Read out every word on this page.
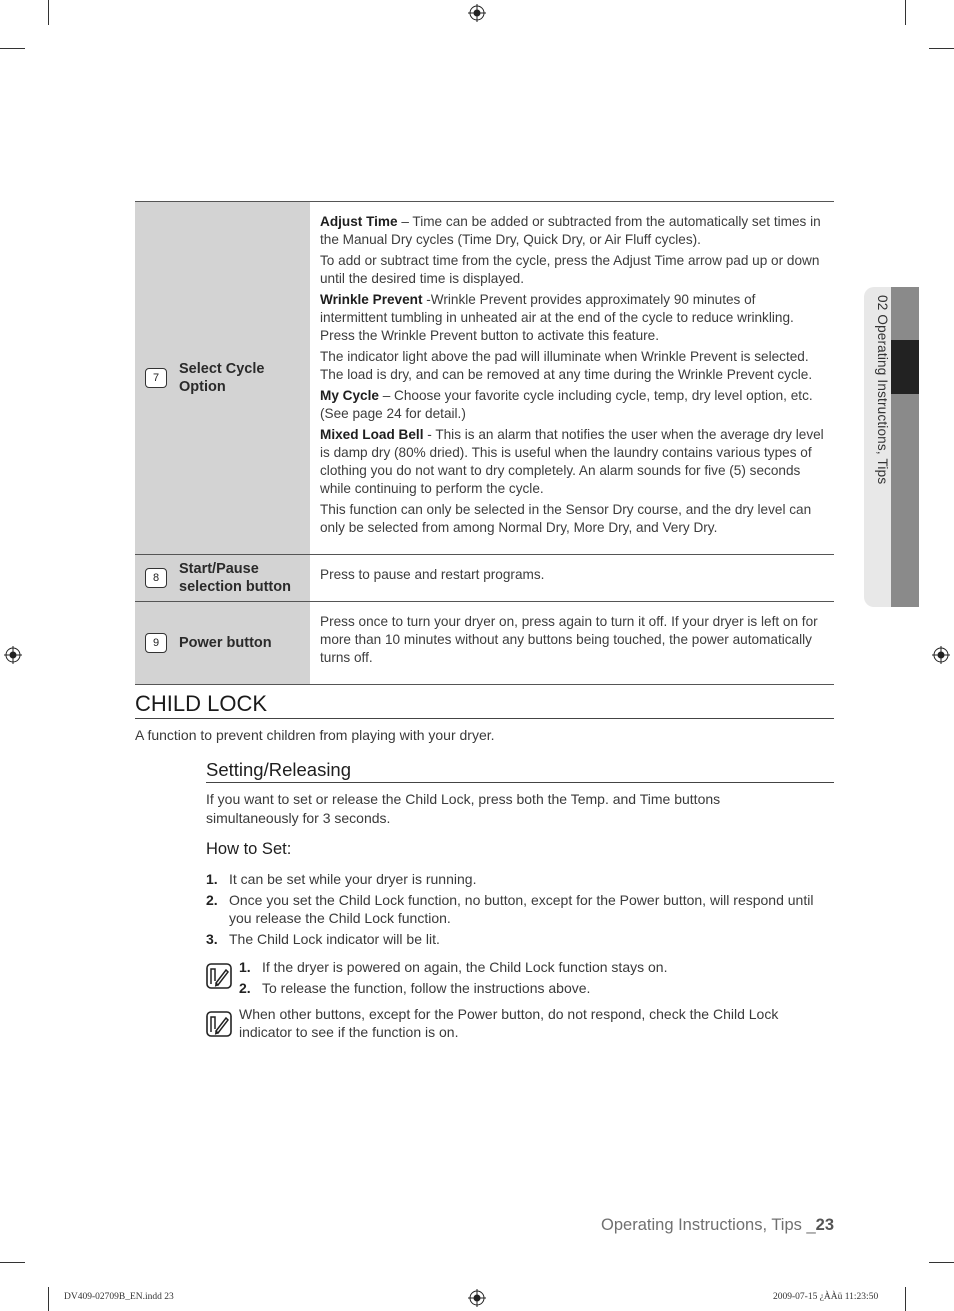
02 Operating Instructions, Tips
7
Select Cycle
Option

Adjust Time – Time can be added or subtracted from the automatically set times in the Manual Dry cycles (Time Dry, Quick Dry, or Air Fluff cycles).

To add or subtract time from the cycle, press the Adjust Time arrow pad up or down until the desired time is displayed.

Wrinkle Prevent -Wrinkle Prevent provides approximately 90 minutes of intermittent tumbling in unheated air at the end of the cycle to reduce wrinkling. Press the Wrinkle Prevent button to activate this feature.

The indicator light above the pad will illuminate when Wrinkle Prevent is selected. The load is dry, and can be removed at any time during the Wrinkle Prevent cycle.

My Cycle – Choose your favorite cycle including cycle, temp, dry level option, etc. (See page 24 for detail.)

Mixed Load Bell - This is an alarm that notifies the user when the average dry level is damp dry (80% dried). This is useful when the laundry contains various types of clothing you do not want to dry completely. An alarm sounds for five (5) seconds while continuing to perform the cycle.

This function can only be selected in the Sensor Dry course, and the dry level can only be selected from among Normal Dry, More Dry, and Very Dry.

8
Start/Pause
selection button

Press to pause and restart programs.

9	Power button

Press once to turn your dryer on, press again to turn it off. If your dryer is left on for more than 10 minutes without any buttons being touched, the power automatically turns off.

CHILD LOCK
A function to prevent children from playing with your dryer.
Setting/Releasing
If you want to set or release the Child Lock, press both the Temp. and Time buttons simultaneously for 3 seconds.
How to Set:
1. It can be set while your dryer is running.
2. Once you set the Child Lock function, no button, except for the Power button, will respond until you release the Child Lock function.
3. The Child Lock indicator will be lit.
1. If the dryer is powered on again, the Child Lock function stays on.
2. To release the function, follow the instructions above.
When other buttons, except for the Power button, do not respond, check the Child Lock indicator to see if the function is on.
Operating Instructions, Tips _23
DV409-02709B_EN.indd 23	2009-07-15 ¿ÀÀü 11:23:50
